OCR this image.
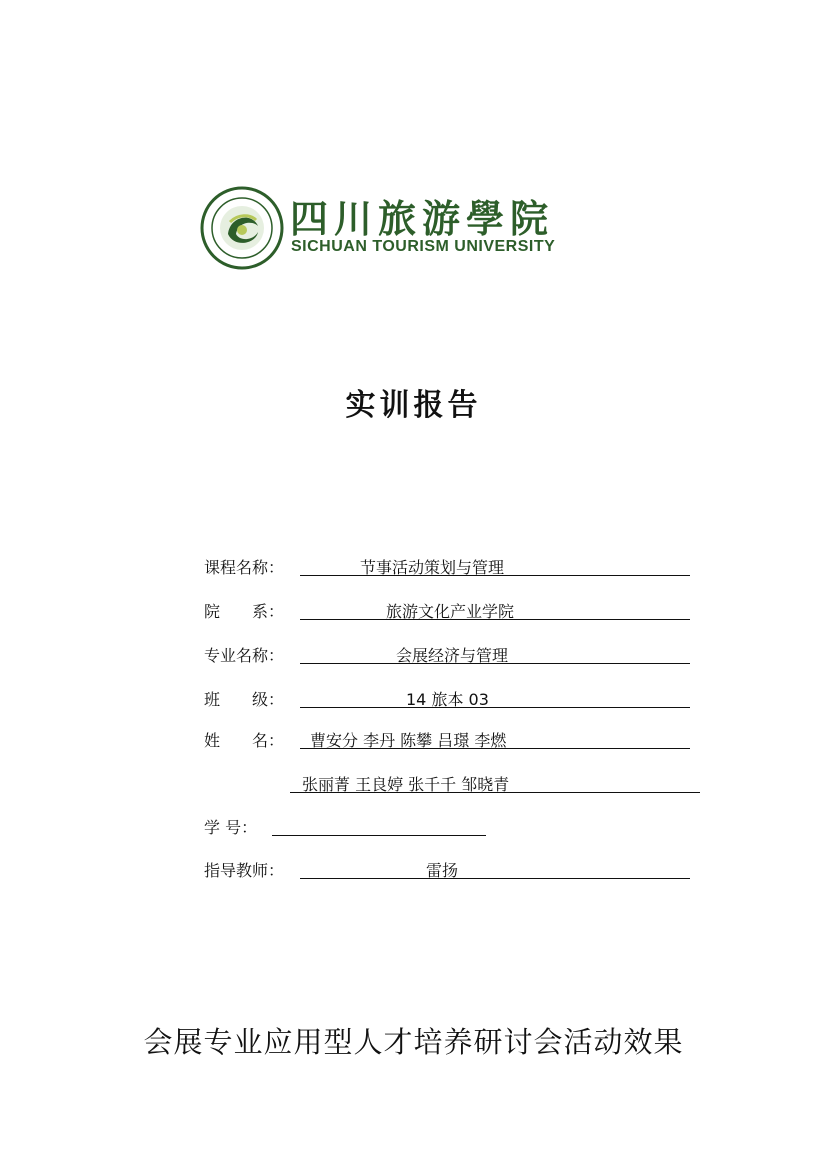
四川旅游學院
SICHUAN TOURISM UNIVERSITY
实训报告
课程名称：	节事活动策划与管理
院　　系：	旅游文化产业学院
专业名称：	会展经济与管理
班　　级：	14 旅本 03
姓　　名： 曹安分 李丹 陈攀 吕璟 李燃
张丽菁 王良婷 张千千 邹晓青
学 号：
指导教师：	雷扬
会展专业应用型人才培养研讨会活动效果
